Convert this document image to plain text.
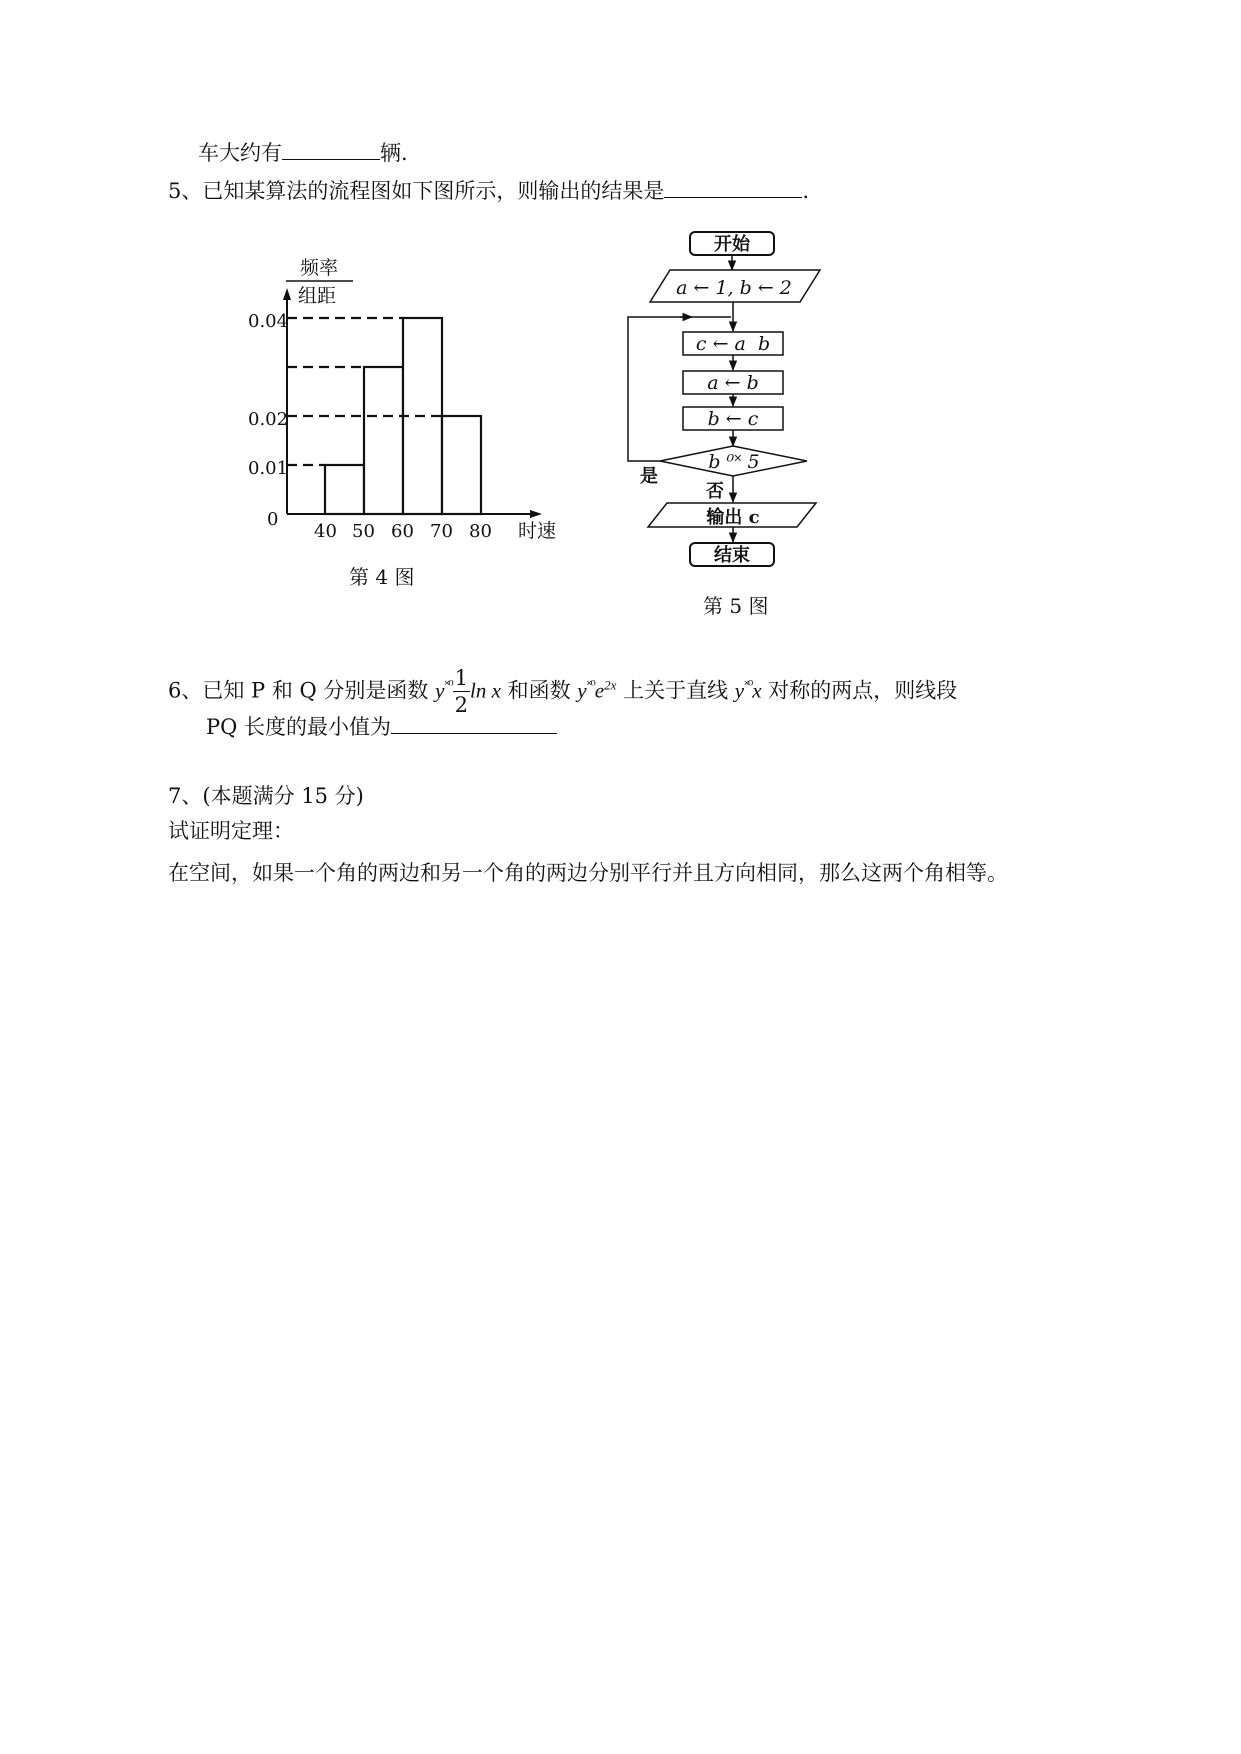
车大约有	辆.
5、已知某算法的流程图如下图所示，则输出的结果是	.
频率
组距
0.04
0.02
0.01
0
40 50 60 70 80 时速
第 4 图
开始
a ← 1, b ← 2
c ← a  b
a ← b
b ← c
b ⁰˟ 5
是
否
输出 c
结束
第 5 图
6、已知 P 和 Q 分别是函数 $y^{˟^0} \frac{1}{2}$ ln x 和函数 $y^{˟^0}e^{2x}$ 上关于直线 $y^{˟^0}x$ 对称的两点，则线段
PQ 长度的最小值为
7、(本题满分 15 分)
试证明定理：
在空间，如果一个角的两边和另一个角的两边分别平行并且方向相同，那么这两个角相等。
